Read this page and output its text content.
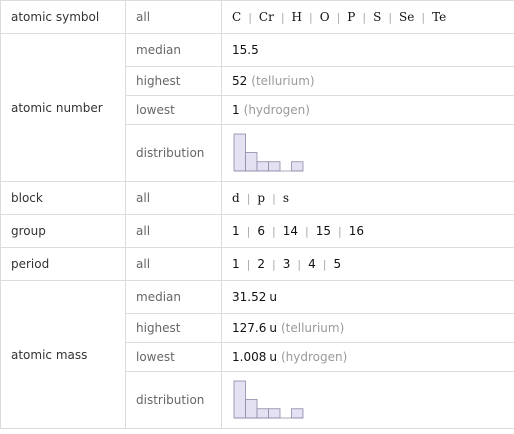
atomic symbol	all	C | Cr | H | O | P | S | Se | Te
atomic number	median	15.5
	highest	52 (tellurium)
	lowest	1 (hydrogen)
	distribution	

block	all	d | p | s
group	all	1 | 6 | 14 | 15 | 16
period	all	1 | 2 | 3 | 4 | 5
atomic mass	median	31.52 u
	highest	127.6 u (tellurium)
	lowest	1.008 u (hydrogen)
	distribution	
